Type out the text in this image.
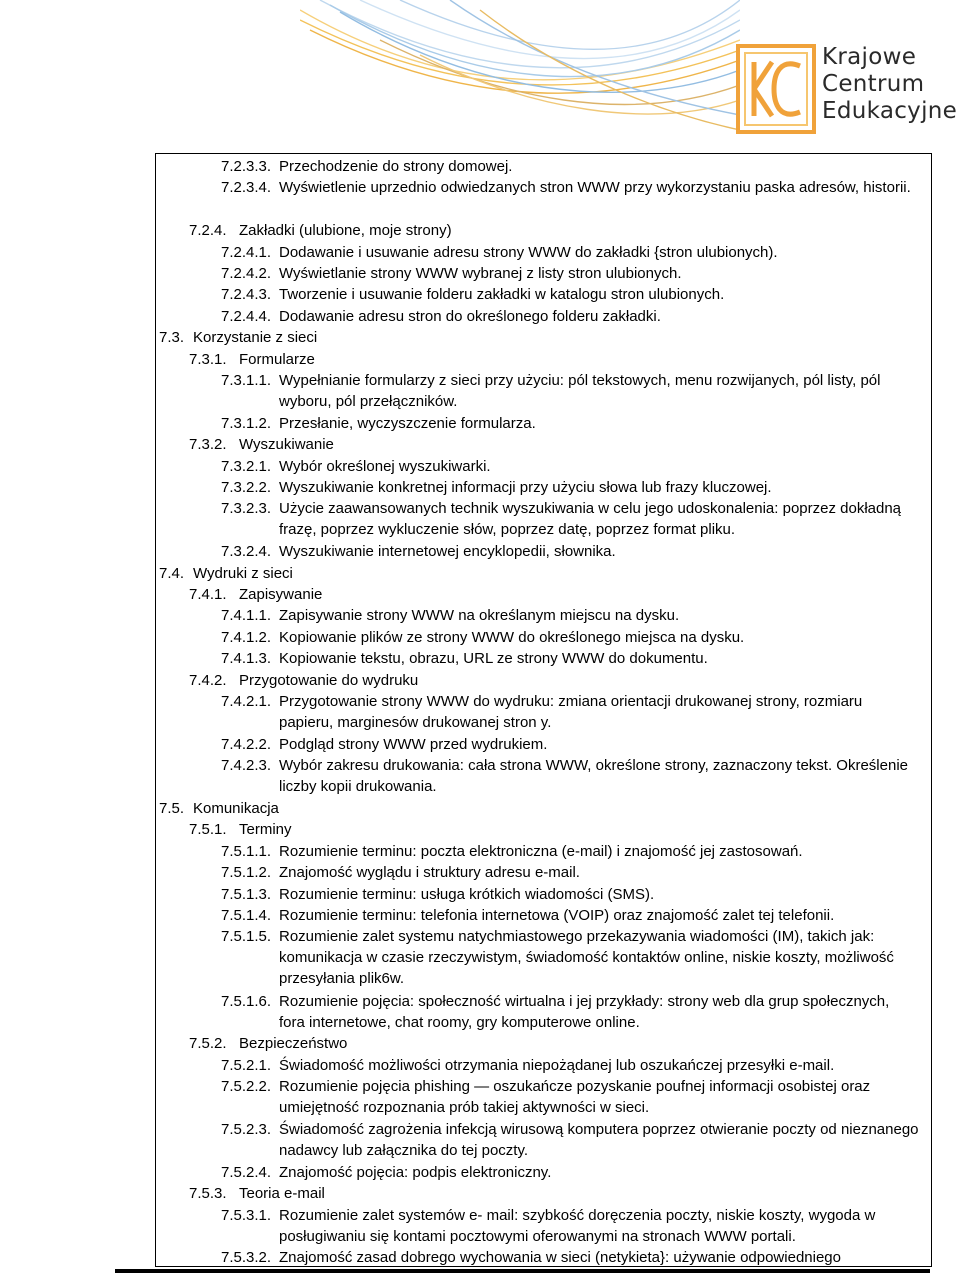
Krajowe
Centrum
Edukacyjne
7.2.3.3. Przechodzenie do strony domowej.
7.2.3.4. Wyświetlenie uprzednio odwiedzanych stron WWW przy wykorzystaniu paska adresów, historii.
7.2.4. Zakładki (ulubione, moje strony)
7.2.4.1. Dodawanie i usuwanie adresu strony WWW do zakładki {stron ulubionych).
7.2.4.2. Wyświetlanie strony WWW wybranej z listy stron ulubionych.
7.2.4.3. Tworzenie i usuwanie folderu zakładki w katalogu stron ulubionych.
7.2.4.4. Dodawanie adresu stron do określonego folderu zakładki.
7.3. Korzystanie z sieci
7.3.1. Formularze
7.3.1.1. Wypełnianie formularzy z sieci przy użyciu: pól tekstowych, menu rozwijanych, pól listy, pól wyboru, pól przełączników.
7.3.1.2. Przesłanie, wyczyszczenie formularza.
7.3.2. Wyszukiwanie
7.3.2.1. Wybór określonej wyszukiwarki.
7.3.2.2. Wyszukiwanie konkretnej informacji przy użyciu słowa lub frazy kluczowej.
7.3.2.3. Użycie zaawansowanych technik wyszukiwania w celu jego udoskonalenia: poprzez dokładną frazę, poprzez wykluczenie słów, poprzez datę, poprzez format pliku.
7.3.2.4. Wyszukiwanie internetowej encyklopedii, słownika.
7.4. Wydruki z sieci
7.4.1. Zapisywanie
7.4.1.1. Zapisywanie strony WWW na określanym miejscu na dysku.
7.4.1.2. Kopiowanie plików ze strony WWW do określonego miejsca na dysku.
7.4.1.3. Kopiowanie tekstu, obrazu, URL ze strony WWW do dokumentu.
7.4.2. Przygotowanie do wydruku
7.4.2.1. Przygotowanie strony WWW do wydruku: zmiana orientacji drukowanej strony, rozmiaru papieru, marginesów drukowanej stron y.
7.4.2.2. Podgląd strony WWW przed wydrukiem.
7.4.2.3. Wybór zakresu drukowania: cała strona WWW, określone strony, zaznaczony tekst. Określenie liczby kopii drukowania.
7.5. Komunikacja
7.5.1. Terminy
7.5.1.1. Rozumienie terminu: poczta elektroniczna (e-mail) i znajomość jej zastosowań.
7.5.1.2. Znajomość wyglądu i struktury adresu e-mail.
7.5.1.3. Rozumienie terminu: usługa krótkich wiadomości (SMS).
7.5.1.4. Rozumienie terminu: telefonia internetowa (VOIP) oraz znajomość zalet tej telefonii.
7.5.1.5. Rozumienie zalet systemu natychmiastowego przekazywania wiadomości (IM), takich jak: komunikacja w czasie rzeczywistym, świadomość kontaktów online, niskie koszty, możliwość przesyłania plik6w.
7.5.1.6. Rozumienie pojęcia: społeczność wirtualna i jej przykłady: strony web dla grup społecznych, fora internetowe, chat roomy, gry komputerowe online.
7.5.2. Bezpieczeństwo
7.5.2.1. Świadomość możliwości otrzymania niepożądanej lub oszukańczej przesyłki e-mail.
7.5.2.2. Rozumienie pojęcia phishing — oszukańcze pozyskanie poufnej informacji osobistej oraz umiejętność rozpoznania prób takiej aktywności w sieci.
7.5.2.3. Świadomość zagrożenia infekcją wirusową komputera poprzez otwieranie poczty od nieznanego nadawcy lub załącznika do tej poczty.
7.5.2.4. Znajomość pojęcia: podpis elektroniczny.
7.5.3. Teoria e-mail
7.5.3.1. Rozumienie zalet systemów e- mail: szybkość doręczenia poczty, niskie koszty, wygoda w posługiwaniu się kontami pocztowymi oferowanymi na stronach WWW portali.
7.5.3.2. Znajomość zasad dobrego wychowania w sieci (netykieta}: używanie odpowiedniego
